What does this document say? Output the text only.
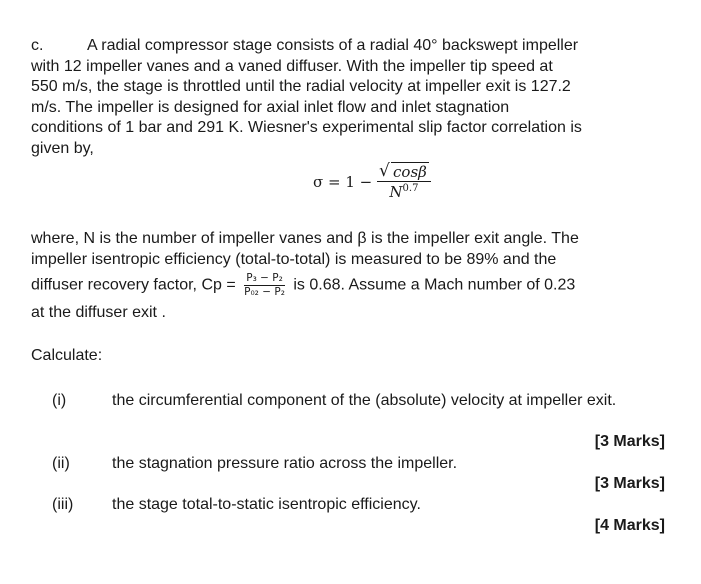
c.	A radial compressor stage consists of a radial 40° backswept impeller
with 12 impeller vanes and a vaned diffuser. With the impeller tip speed at
550 m/s, the stage is throttled until the radial velocity at impeller exit is 127.2
m/s. The impeller is designed for axial inlet flow and inlet stagnation
conditions of 1 bar and 291 K. Wiesner's experimental slip factor correlation is
given by,
$\sigma = 1 - \frac{√ \cos\beta}{N^{0.7}}$
where, N is the number of impeller vanes and β is the impeller exit angle. The
impeller isentropic efficiency (total-to-total) is measured to be 89% and the
diffuser recovery factor, $Cp = \frac{\text{P₃ − P₂}}{\text{P₀₂ − P₂}}$ is 0.68. Assume a Mach number of 0.23
at the diffuser exit .
Calculate:
(i)	the circumferential component of the (absolute) velocity at impeller exit.
[3 Marks]
(ii)	the stagnation pressure ratio across the impeller.
[3 Marks]
(iii) the stage total-to-static isentropic efficiency.
[4 Marks]
